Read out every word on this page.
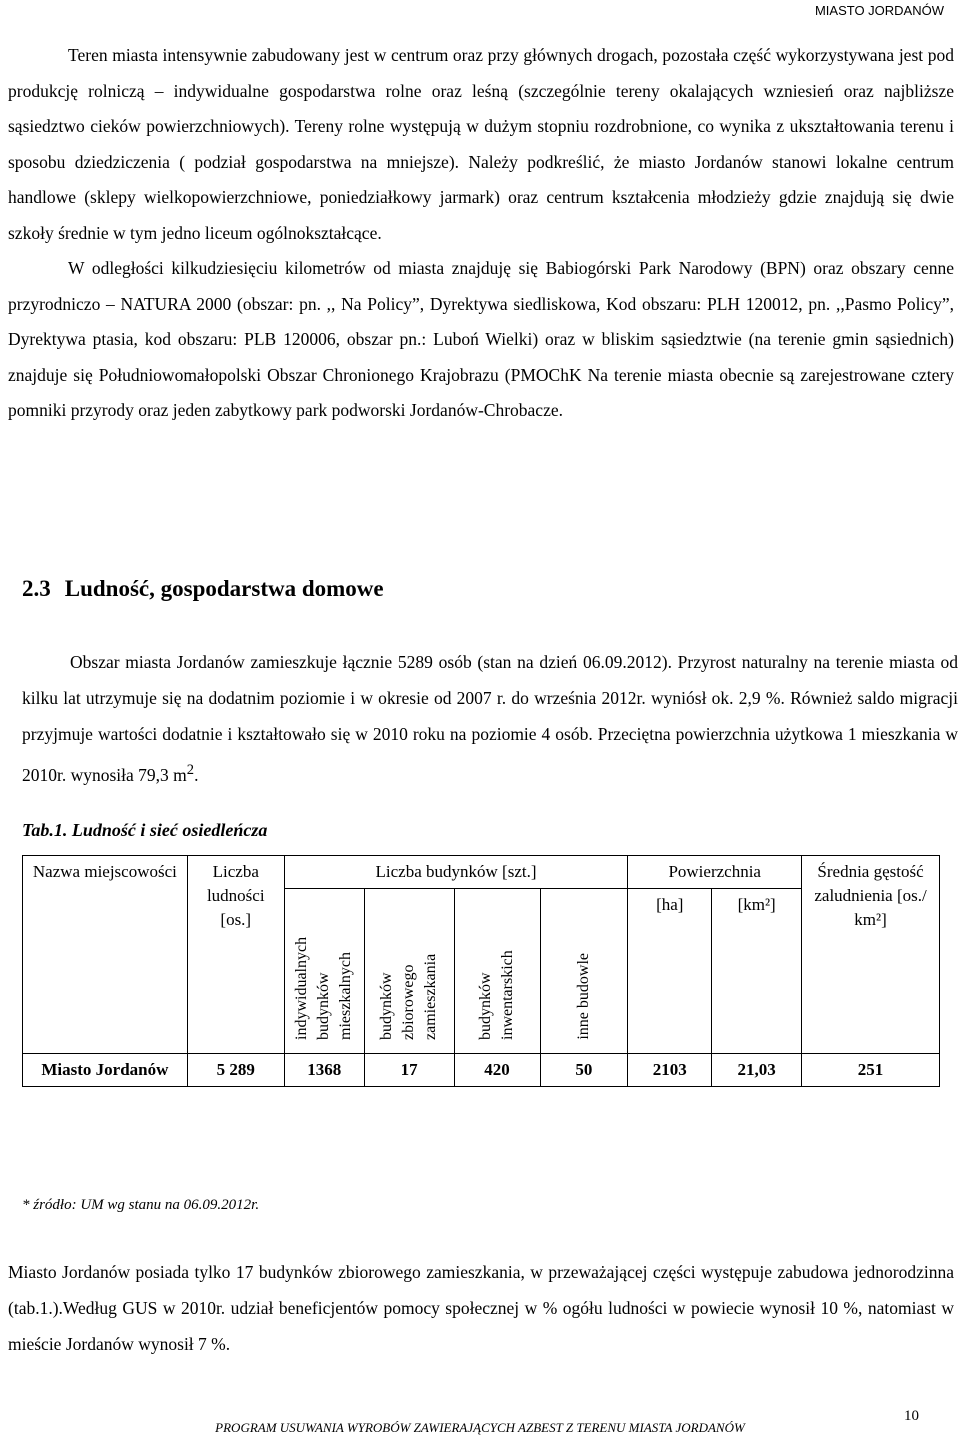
MIASTO JORDANÓW
Teren miasta intensywnie zabudowany jest w centrum oraz przy głównych drogach, pozostała część wykorzystywana jest pod produkcję rolniczą – indywidualne gospodarstwa rolne oraz leśną (szczególnie tereny okalających wzniesień oraz najbliższe sąsiedztwo cieków powierzchniowych). Tereny rolne występują w dużym stopniu rozdrobnione, co wynika z ukształtowania terenu i sposobu dziedziczenia ( podział gospodarstwa na mniejsze). Należy podkreślić, że miasto Jordanów stanowi lokalne centrum handlowe (sklepy wielkopowierzchniowe, poniedziałkowy jarmark) oraz centrum kształcenia młodzieży gdzie znajdują się dwie szkoły średnie w tym jedno liceum ogólnokształcące.
W odległości kilkudziesięciu kilometrów od miasta znajduję się Babiogórski Park Narodowy (BPN) oraz obszary cenne przyrodniczo – NATURA 2000 (obszar: pn. ,, Na Policy”, Dyrektywa siedliskowa, Kod obszaru: PLH 120012, pn. ,,Pasmo Policy”, Dyrektywa ptasia, kod obszaru: PLB 120006, obszar pn.: Luboń Wielki) oraz w bliskim sąsiedztwie (na terenie gmin sąsiednich) znajduje się Południowomałopolski Obszar Chronionego Krajobrazu (PMOChK Na terenie miasta obecnie są zarejestrowane cztery pomniki przyrody oraz jeden zabytkowy park podworski Jordanów-Chrobacze.
2.3 Ludność, gospodarstwa domowe
Obszar miasta Jordanów zamieszkuje łącznie 5289 osób (stan na dzień 06.09.2012). Przyrost naturalny na terenie miasta od kilku lat utrzymuje się na dodatnim poziomie i w okresie od 2007 r. do września 2012r. wyniósł ok. 2,9 %. Również saldo migracji przyjmuje wartości dodatnie i kształtowało się w 2010 roku na poziomie 4 osób. Przeciętna powierzchnia użytkowa 1 mieszkania w 2010r. wynosiła 79,3 $m^2$.
Tab.1. Ludność i sieć osiedleńcza
Nazwa miejscowości	Liczba ludności [os.]	Liczba budynków [szt.]				Powierzchnia		Średnia gęstość zaludnienia [os./ km²]
		indywidualnych budynków mieszkalnych	budynków zbiorowego zamieszkania	budynków inwentarskich	inne budowle	[ha]	[km²]	
Miasto Jordanów	5 289	1368	17	420	50	2103	21,03	251
* źródło: UM wg stanu na 06.09.2012r.
Miasto Jordanów posiada tylko 17 budynków zbiorowego zamieszkania, w przeważającej części występuje zabudowa jednorodzinna (tab.1.).Według GUS w 2010r. udział beneficjentów pomocy społecznej w % ogółu ludności w powiecie wynosił 10 %, natomiast w mieście Jordanów wynosił 7 %.
PROGRAM USUWANIA WYROBÓW ZAWIERAJĄCYCH AZBEST Z TERENU MIASTA JORDANÓW
10
